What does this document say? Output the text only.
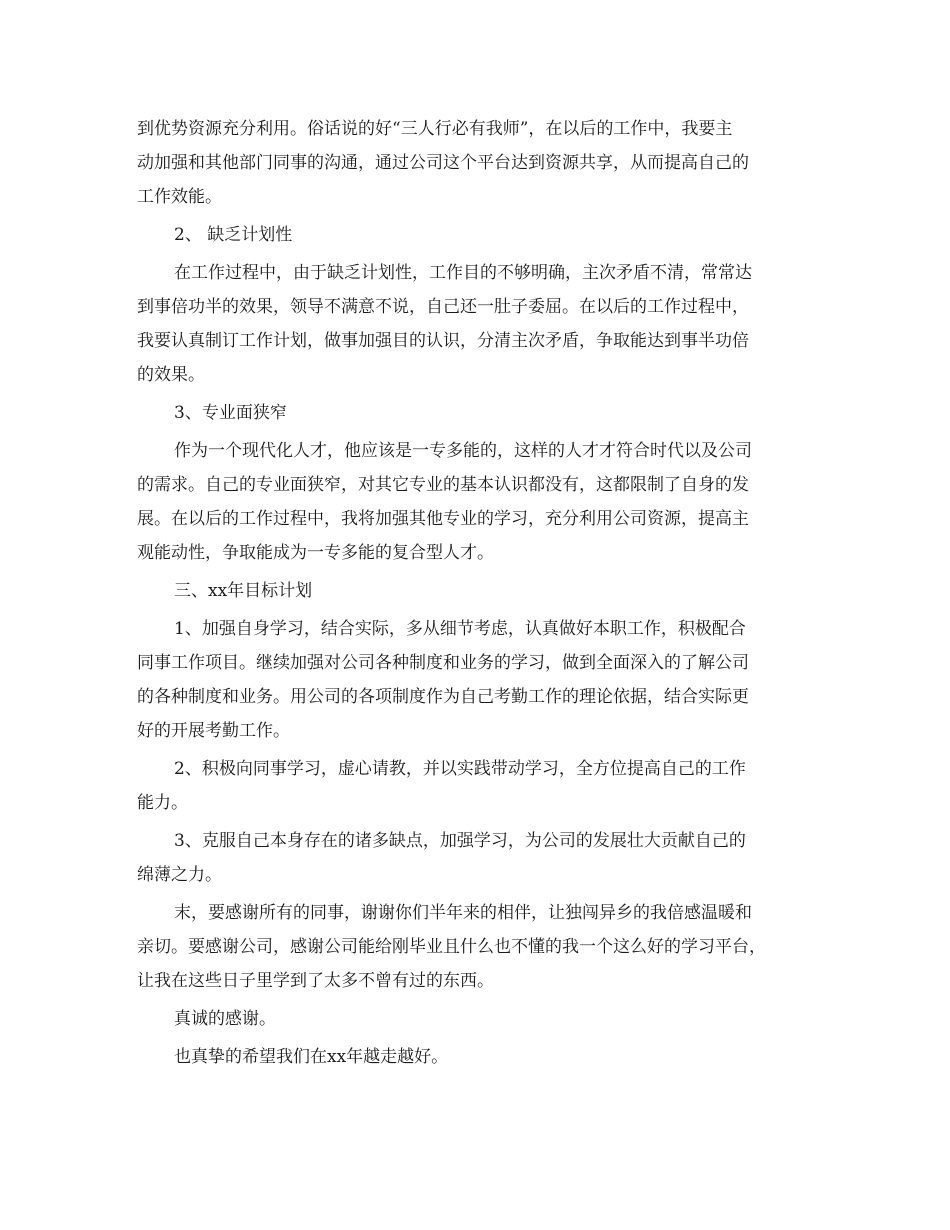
到优势资源充分利用。俗话说的好“三人行必有我师”，在以后的工作中，我要主
动加强和其他部门同事的沟通，通过公司这个平台达到资源共享，从而提高自己的
工作效能。

2、 缺乏计划性

在工作过程中，由于缺乏计划性，工作目的不够明确，主次矛盾不清，常常达
到事倍功半的效果，领导不满意不说，自己还一肚子委屈。在以后的工作过程中，
我要认真制订工作计划，做事加强目的认识，分清主次矛盾，争取能达到事半功倍
的效果。

3、专业面狭窄

作为一个现代化人才，他应该是一专多能的，这样的人才才符合时代以及公司
的需求。自己的专业面狭窄，对其它专业的基本认识都没有，这都限制了自身的发
展。在以后的工作过程中，我将加强其他专业的学习，充分利用公司资源，提高主
观能动性，争取能成为一专多能的复合型人才。

三、xx年目标计划

1、加强自身学习，结合实际，多从细节考虑，认真做好本职工作，积极配合
同事工作项目。继续加强对公司各种制度和业务的学习，做到全面深入的了解公司
的各种制度和业务。用公司的各项制度作为自己考勤工作的理论依据，结合实际更
好的开展考勤工作。

2、积极向同事学习，虚心请教，并以实践带动学习，全方位提高自己的工作
能力。

3、克服自己本身存在的诸多缺点，加强学习，为公司的发展壮大贡献自己的
绵薄之力。

末，要感谢所有的同事，谢谢你们半年来的相伴，让独闯异乡的我倍感温暖和
亲切。要感谢公司，感谢公司能给刚毕业且什么也不懂的我一个这么好的学习平台，
让我在这些日子里学到了太多不曾有过的东西。

真诚的感谢。

也真挚的希望我们在xx年越走越好。
